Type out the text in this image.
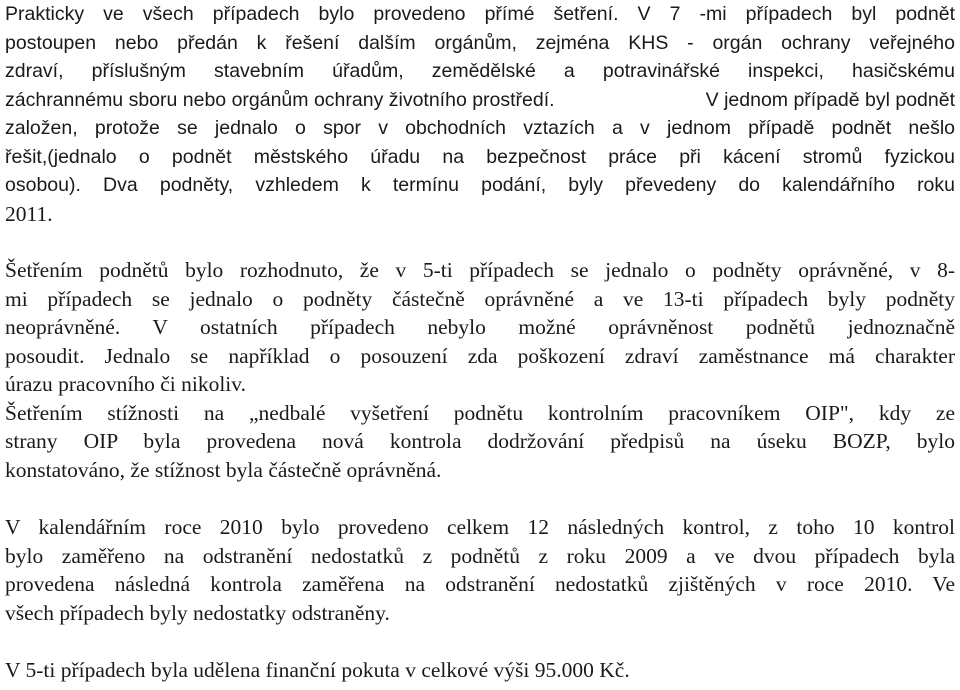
Prakticky ve všech případech bylo provedeno přímé šetření. V 7 -mi případech byl podnět
postoupen nebo předán k řešení dalším orgánům, zejména KHS - orgán ochrany veřejného
zdraví, příslušným stavebním úřadům, zemědělské a potravinářské inspekci, hasičskému
záchrannému sboru nebo orgánům ochrany životního prostředí.	V jednom případě byl podnět
založen, protože se jednalo o spor v obchodních vztazích a v jednom případě podnět nešlo
řešit,(jednalo o podnět městského úřadu na bezpečnost práce při kácení stromů fyzickou
osobou). Dva podněty, vzhledem k termínu podání, byly převedeny do kalendářního roku
2011.
Šetřením podnětů bylo rozhodnuto, že v 5-ti případech se jednalo o podněty oprávněné, v 8-
mi případech se jednalo o podněty částečně oprávněné a ve 13-ti případech byly podněty
neoprávněné. V ostatních případech nebylo možné oprávněnost podnětů jednoznačně
posoudit. Jednalo se například o posouzení zda poškození zdraví zaměstnance má charakter
úrazu pracovního či nikoliv.
Šetřením stížnosti na „nedbalé vyšetření podnětu kontrolním pracovníkem OIP", kdy ze
strany OIP byla provedena nová kontrola dodržování předpisů na úseku BOZP, bylo
konstatováno, že stížnost byla částečně oprávněná.
V kalendářním roce 2010 bylo provedeno celkem 12 následných kontrol, z toho 10 kontrol
bylo zaměřeno na odstranění nedostatků z podnětů z roku 2009 a ve dvou případech byla
provedena následná kontrola zaměřena na odstranění nedostatků zjištěných v roce 2010. Ve
všech případech byly nedostatky odstraněny.
V 5-ti případech byla udělena finanční pokuta v celkové výši 95.000 Kč.
